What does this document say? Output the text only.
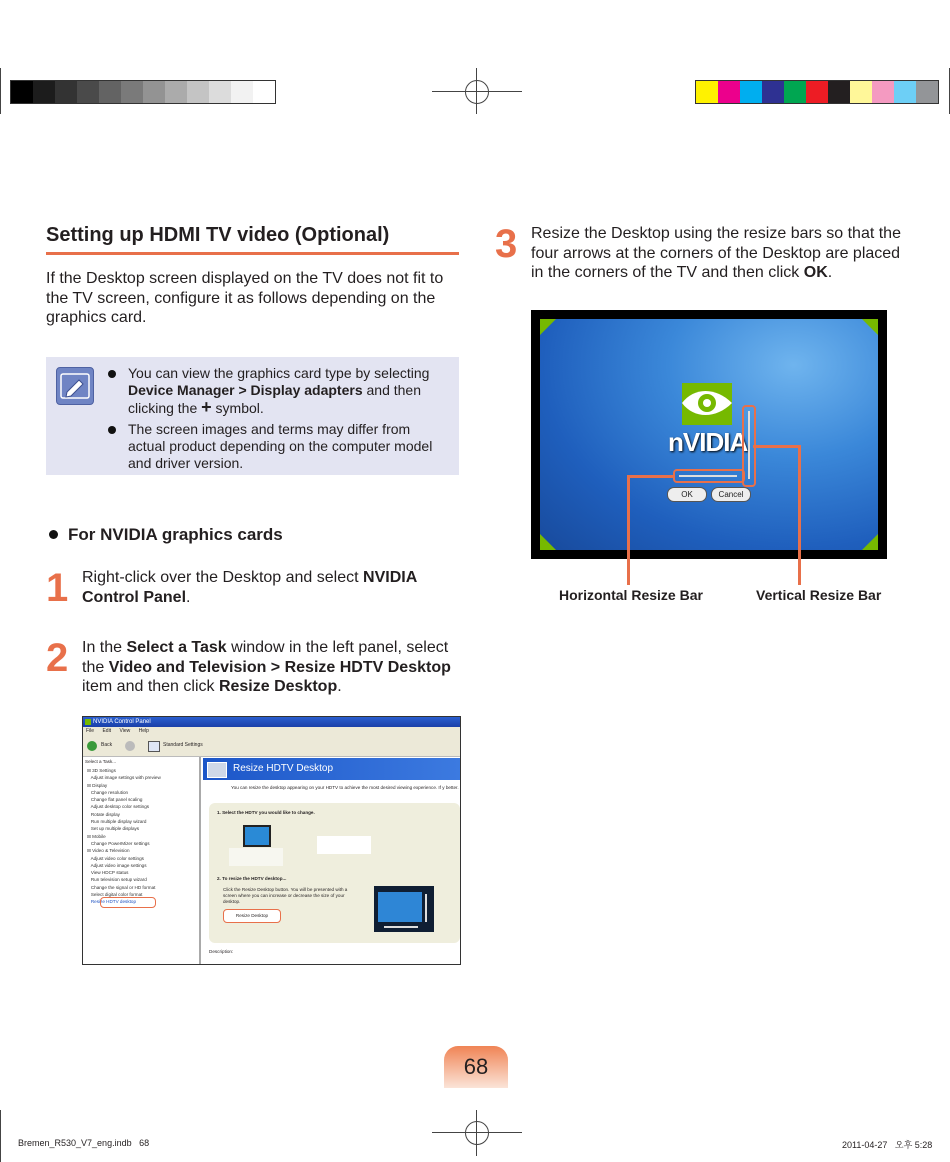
Setting up HDMI TV video (Optional)
If the Desktop screen displayed on the TV does not fit to the TV screen, configure it as follows depending on the graphics card.
You can view the graphics card type by selecting Device Manager > Display adapters and then clicking the + symbol.
The screen images and terms may differ from actual product depending on the computer model and driver version.
For NVIDIA graphics cards
1 Right-click over the Desktop and select NVIDIA Control Panel.
2 In the Select a Task window in the left panel, select the Video and Television > Resize HDTV Desktop item and then click Resize Desktop.
NVIDIA Control Panel
File Edit View Help
Back	Standard Settings
Select a Task...
⊟ 3D Settings
Adjust image settings with preview
⊟ Display
Change resolution
Change flat panel scaling
Adjust desktop color settings
Rotate display
Run multiple display wizard
Set up multiple displays
⊟ Mobile
Change PowerMizer settings
⊟ Video & Television
Adjust video color settings
Adjust video image settings
View HDCP status
Run television setup wizard
Change the signal or HD format
Select digital color format
Resize HDTV desktop
Resize HDTV Desktop
You can resize the desktop appearing on your HDTV to achieve the most desired viewing experience. If y better.
1. Select the HDTV you would like to change.
2. To resize the HDTV desktop...
Click the Resize Desktop button. You will be presented with a screen where you can increase or decrease the size of your desktop.
Resize Desktop
Description:
3 Resize the Desktop using the resize bars so that the four arrows at the corners of the Desktop are placed in the corners of the TV and then click OK.
nVIDIA
OK	Cancel
Horizontal Resize Bar	Vertical Resize Bar
68
Bremen_R530_V7_eng.indb   68	2011-04-27   오후 5:28
